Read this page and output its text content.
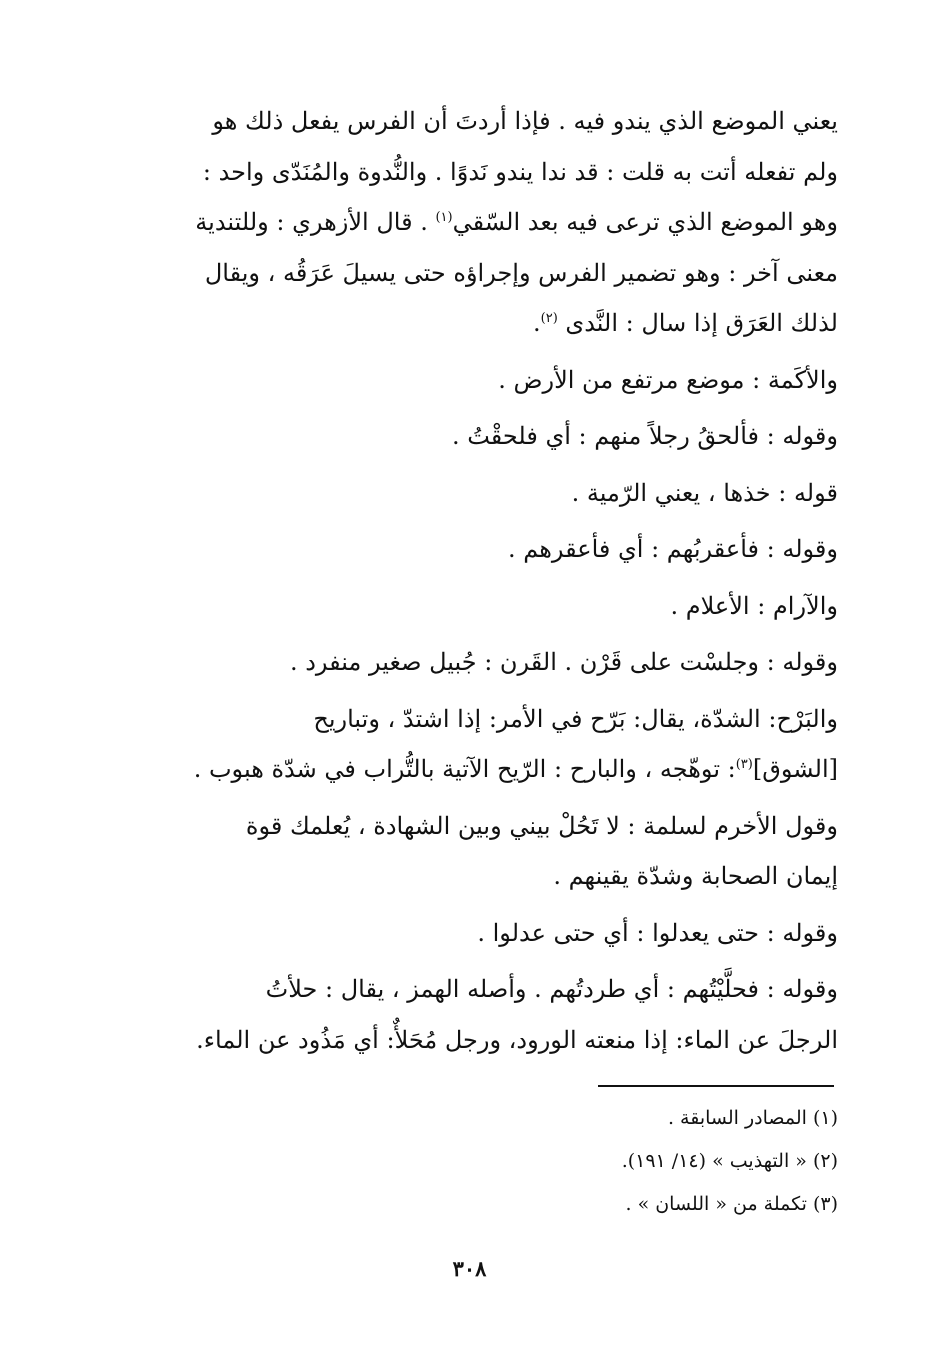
يعني الموضع الذي يندو فيه . فإذا أردتَ أن الفرس يفعل ذلك هو
ولم تفعله أتت به قلت : قد ندا يندو نَدوًا . والنُّدوة والمُنَدّى واحد :
وهو الموضع الذي ترعى فيه بعد السّقي$^{(١)}$ . قال الأزهري : وللتندية
معنى آخر : وهو تضمير الفرس وإجراؤه حتى يسيلَ عَرَقُه ، ويقال
لذلك العَرَق إذا سال : النَّدى $^{(٢)}$.

والأكَمة : موضع مرتفع من الأرض .

وقوله : فألحقُ رجلاً منهم : أي فلحقْتُ .

قوله : خذها ، يعني الرّمية .

وقوله : فأعقربُهم : أي فأعقرهم .

والآرام : الأعلام .

وقوله : وجلسْت على قَرْن . القَرن : جُبيل صغير منفرد .

والبَرْح: الشدّة، يقال: بَرّح في الأمر: إذا اشتدّ ، وتباريح
[الشوق]$^{(٣)}$: توهّجه ، والبارح : الرّيح الآتية بالتُّراب في شدّة هبوب .

وقول الأخرم لسلمة : لا تَحُلْ بيني وبين الشهادة ، يُعلمك قوة
إيمان الصحابة وشدّة يقينهم .

وقوله : حتى يعدلوا : أي حتى عدلوا .

وقوله : فحلَّيْتُهم : أي طردتُهم . وأصله الهمز ، يقال : حلأتُ
الرجلَ عن الماء: إذا منعته الورود، ورجل مُحَلأٌ: أي مَذُود عن الماء.

(١) المصادر السابقة .

(٢) « التهذيب » (١٤/ ١٩١).

(٣) تكملة من « اللسان » .

٣٠٨
